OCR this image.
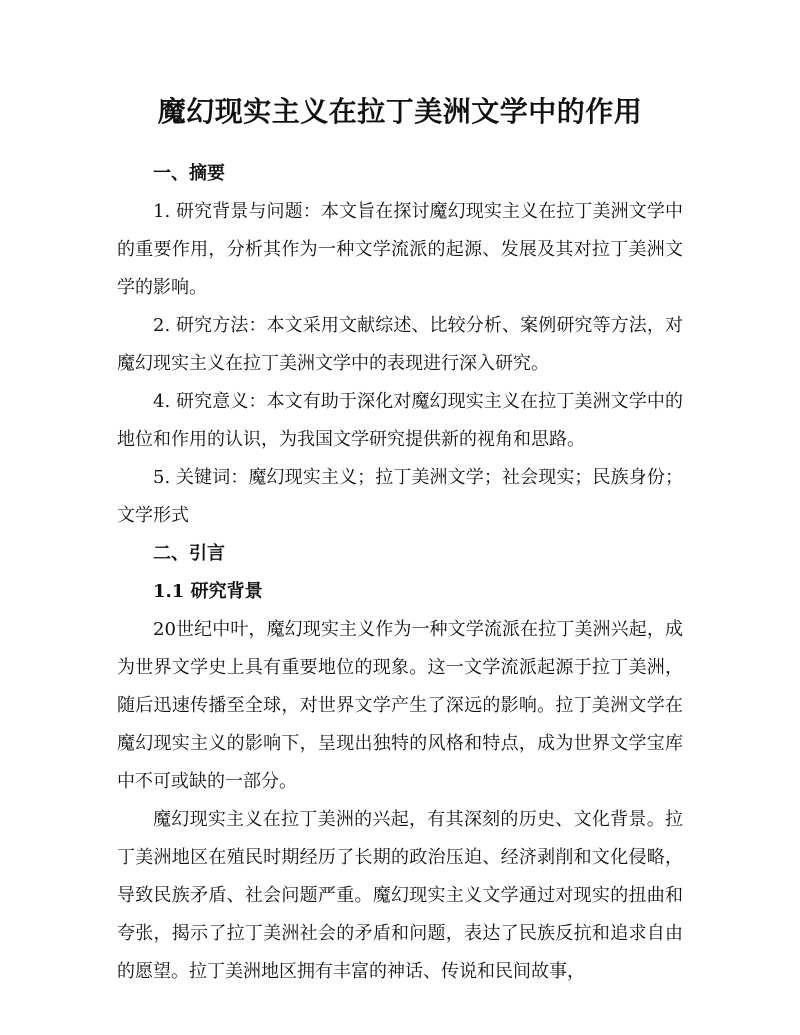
魔幻现实主义在拉丁美洲文学中的作用
一、摘要

1. 研究背景与问题：本文旨在探讨魔幻现实主义在拉丁美洲文学中的重要作用，分析其作为一种文学流派的起源、发展及其对拉丁美洲文学的影响。

2. 研究方法：本文采用文献综述、比较分析、案例研究等方法，对魔幻现实主义在拉丁美洲文学中的表现进行深入研究。

4. 研究意义：本文有助于深化对魔幻现实主义在拉丁美洲文学中的地位和作用的认识，为我国文学研究提供新的视角和思路。

5. 关键词：魔幻现实主义；拉丁美洲文学；社会现实；民族身份；文学形式

二、引言
1.1 研究背景

20世纪中叶，魔幻现实主义作为一种文学流派在拉丁美洲兴起，成为世界文学史上具有重要地位的现象。这一文学流派起源于拉丁美洲，随后迅速传播至全球，对世界文学产生了深远的影响。拉丁美洲文学在魔幻现实主义的影响下，呈现出独特的风格和特点，成为世界文学宝库中不可或缺的一部分。

魔幻现实主义在拉丁美洲的兴起，有其深刻的历史、文化背景。拉丁美洲地区在殖民时期经历了长期的政治压迫、经济剥削和文化侵略，导致民族矛盾、社会问题严重。魔幻现实主义文学通过对现实的扭曲和夸张，揭示了拉丁美洲社会的矛盾和问题，表达了民族反抗和追求自由的愿望。拉丁美洲地区拥有丰富的神话、传说和民间故事，
